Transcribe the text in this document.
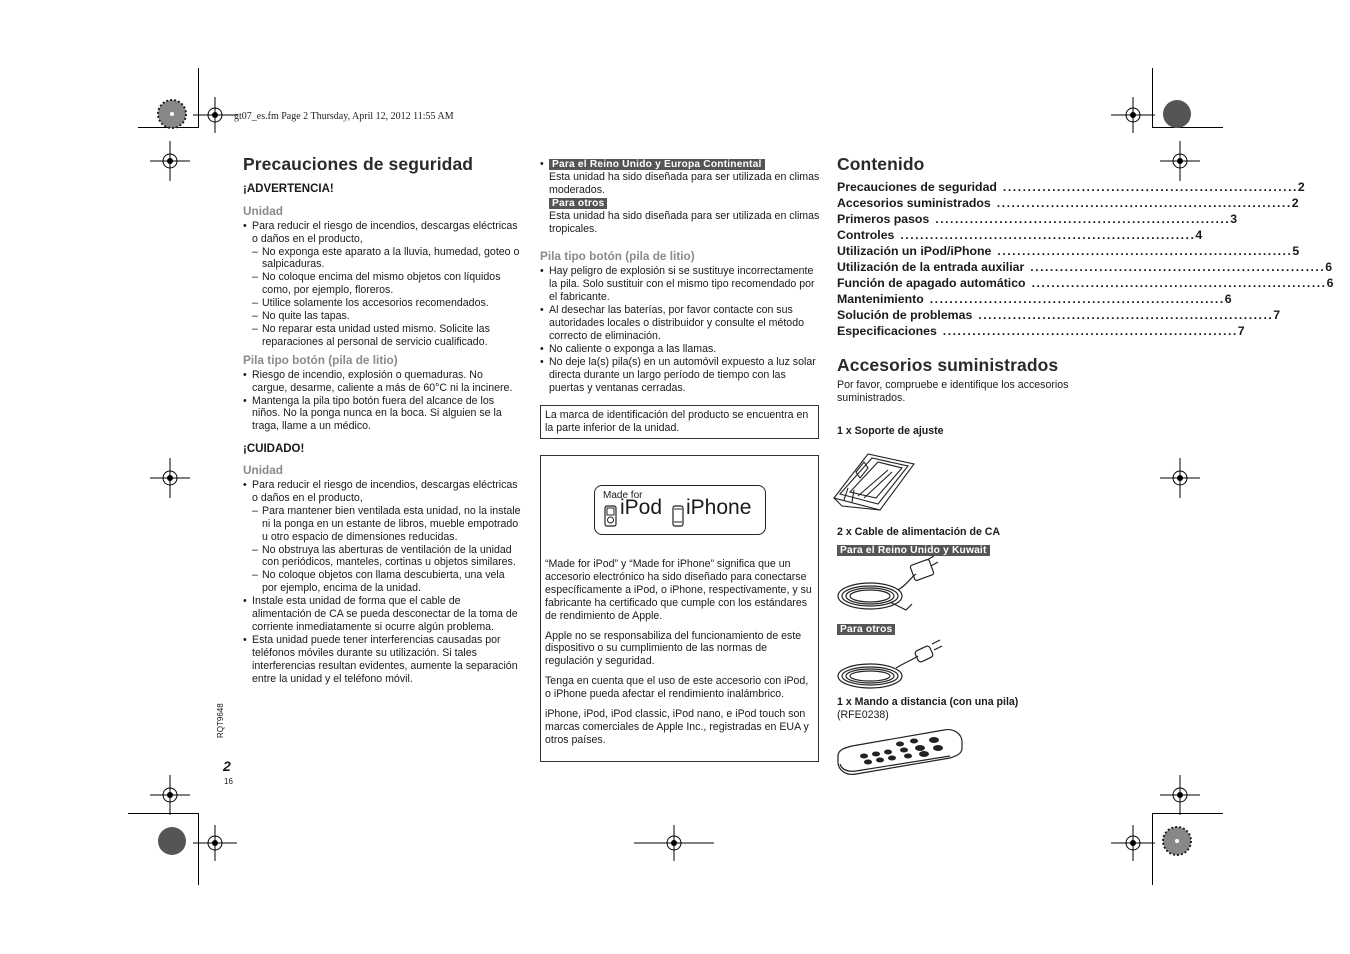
gt07_es.fm Page 2 Thursday, April 12, 2012 11:55 AM
RQT9648
2
16
Precauciones de seguridad

¡ADVERTENCIA!

Unidad

• Para reducir el riesgo de incendios, descargas eléctricas o daños en el producto,
– No exponga este aparato a la lluvia, humedad, goteo o salpicaduras.
– No coloque encima del mismo objetos con líquidos como, por ejemplo, floreros.
– Utilice solamente los accesorios recomendados.
– No quite las tapas.
– No reparar esta unidad usted mismo. Solicite las reparaciones al personal de servicio cualificado.

Pila tipo botón (pila de litio)

• Riesgo de incendio, explosión o quemaduras. No cargue, desarme, caliente a más de 60°C ni la incinere.
• Mantenga la pila tipo botón fuera del alcance de los niños. No la ponga nunca en la boca. Si alguien se la traga, llame a un médico.

¡CUIDADO!

Unidad

• Para reducir el riesgo de incendios, descargas eléctricas o daños en el producto,
– Para mantener bien ventilada esta unidad, no la instale ni la ponga en un estante de libros, mueble empotrado u otro espacio de dimensiones reducidas.
– No obstruya las aberturas de ventilación de la unidad con periódicos, manteles, cortinas u objetos similares.
– No coloque objetos con llama descubierta, una vela por ejemplo, encima de la unidad.
• Instale esta unidad de forma que el cable de alimentación de CA se pueda desconectar de la toma de corriente inmediatamente si ocurre algún problema.
• Esta unidad puede tener interferencias causadas por teléfonos móviles durante su utilización. Si tales interferencias resultan evidentes, aumente la separación entre la unidad y el teléfono móvil.
• Para el Reino Unido y Europa Continental
Esta unidad ha sido diseñada para ser utilizada en climas moderados.
Para otros
Esta unidad ha sido diseñada para ser utilizada en climas tropicales.

Pila tipo botón (pila de litio)

• Hay peligro de explosión si se sustituye incorrectamente la pila. Solo sustituir con el mismo tipo recomendado por el fabricante.
• Al desechar las baterías, por favor contacte con sus autoridades locales o distribuidor y consulte el método correcto de eliminación.
• No caliente o exponga a las llamas.
• No deje la(s) pila(s) en un automóvil expuesto a luz solar directa durante un largo período de tiempo con las puertas y ventanas cerradas.
La marca de identificación del producto se encuentra en la parte inferior de la unidad.
Made for
iPod iPhone
“Made for iPod” y “Made for iPhone” significa que un accesorio electrónico ha sido diseñado para conectarse específicamente a iPod, o iPhone, respectivamente, y su fabricante ha certificado que cumple con los estándares de rendimiento de Apple.
Apple no se responsabiliza del funcionamiento de este dispositivo o su cumplimiento de las normas de regulación y seguridad.
Tenga en cuenta que el uso de este accesorio con iPod, o iPhone pueda afectar el rendimiento inalámbrico.
iPhone, iPod, iPod classic, iPod nano, e iPod touch son marcas comerciales de Apple Inc., registradas en EUA y otros países.
Contenido
Precauciones de seguridad ............................................................ 2
Accesorios suministrados ............................................................ 2
Primeros pasos ............................................................ 3
Controles ............................................................ 4
Utilización un iPod/iPhone ............................................................ 5
Utilización de la entrada auxiliar ............................................................ 6
Función de apagado automático ............................................................ 6
Mantenimiento ............................................................ 6
Solución de problemas ............................................................ 7
Especificaciones ............................................................ 7
Accesorios suministrados
Por favor, compruebe e identifique los accesorios suministrados.
1 x Soporte de ajuste
2 x Cable de alimentación de CA
Para el Reino Unido y Kuwait
Para otros
1 x Mando a distancia (con una pila)
(RFE0238)
